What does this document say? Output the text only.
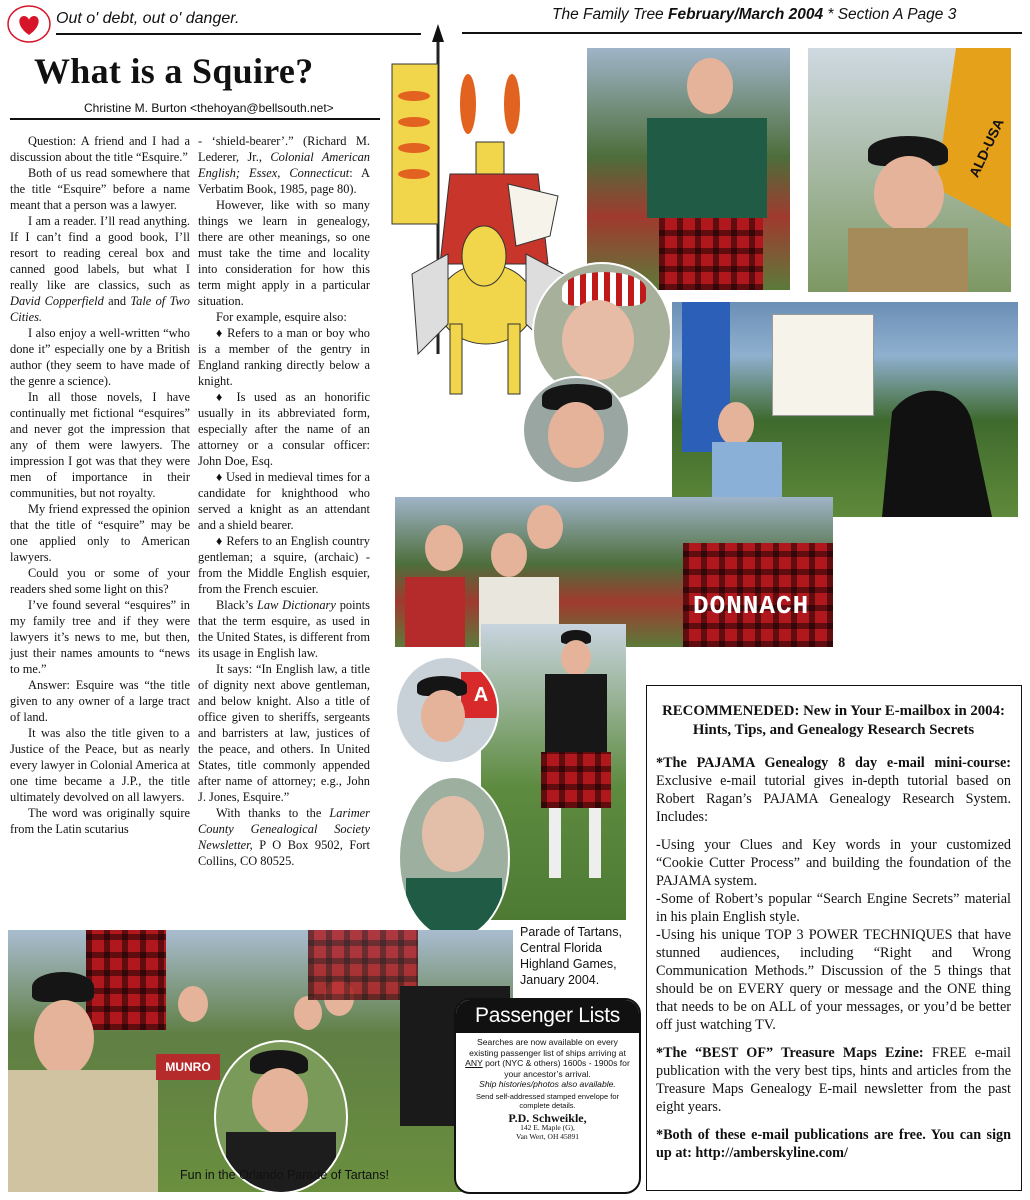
Out o' debt, out o' danger.	The Family Tree February/March 2004 * Section A Page 3
What is a Squire?
Christine M. Burton <thehoyan@bellsouth.net>

Question: A friend and I had a discussion about the title “Esquire.”

Both of us read somewhere that the title “Esquire” before a name meant that a person was a lawyer.

I am a reader. I’ll read anything. If I can’t find a good book, I’ll resort to reading cereal box and canned good labels, but what I really like are classics, such as David Copperfield and Tale of Two Cities.

I also enjoy a well-written “who done it” especially one by a British author (they seem to have made of the genre a science).

In all those novels, I have continually met fictional “esquires” and never got the impression that any of them were lawyers. The impression I got was that they were men of importance in their communities, but not royalty.

My friend expressed the opinion that the title of “esquire” may be one applied only to American lawyers.

Could you or some of your readers shed some light on this?

I’ve found several “esquires” in my family tree and if they were lawyers it’s news to me, but then, just their names amounts to “news to me.”

Answer: Esquire was “the title given to any owner of a large tract of land.

It was also the title given to a Justice of the Peace, but as nearly every lawyer in Colonial America at one time became a J.P., the title ultimately devolved on all lawyers.

The word was originally squire from the Latin scutarius

- ‘shield-bearer’.” (Richard M. Lederer, Jr., Colonial American English; Essex, Connecticut: A Verbatim Book, 1985, page 80).

However, like with so many things we learn in genealogy, there are other meanings, so one must take the time and locality into consideration for how this term might apply in a particular situation.

For example, esquire also:

♦ Refers to a man or boy who is a member of the gentry in England ranking directly below a knight.

♦ Is used as an honorific usually in its abbreviated form, especially after the name of an attorney or a consular officer: John Doe, Esq.

♦ Used in medieval times for a candidate for knighthood who served a knight as an attendant and a shield bearer.

♦ Refers to an English country gentleman; a squire, (archaic) - from the Middle English esquier, from the French escuier.

Black’s Law Dictionary points that the term esquire, as used in the United States, is different from its usage in English law.

It says: “In English law, a title of dignity next above gentleman, and below knight. Also a title of office given to sheriffs, sergeants and barristers at law, justices of the peace, and others. In United States, title commonly appended after name of attorney; e.g., John J. Jones, Esquire.”

With thanks to the Larimer County Genealogical Society Newsletter, P O Box 9502, Fort Collins, CO 80525.

ALD-USA
DONNACH
A
MUNRO
Parade of Tartans, Central Florida Highland Games, January 2004.
Fun in the Orlando Parade of Tartans!
Passenger Lists
Searches are now available on every existing passenger list of ships arriving at ANY port (NYC & others) 1600s - 1900s for your ancestor’s arrival.
Ship histories/photos also available.
Send self-addressed stamped envelope for complete details.
P.D. Schweikle,
142 E. Maple (G),
Van Wert, OH 45891
RECOMMENEDED: New in Your E-mailbox in 2004: Hints, Tips, and Genealogy Research Secrets

*The PAJAMA Genealogy 8 day e-mail mini-course: Exclusive e-mail tutorial gives in-depth tutorial based on Robert Ragan’s PAJAMA Genealogy Research System. Includes:

-Using your Clues and Key words in your customized “Cookie Cutter Process” and building the foundation of the PAJAMA system.

-Some of Robert’s popular “Search Engine Secrets” material in his plain English style.

-Using his unique TOP 3 POWER TECHNIQUES that have stunned audiences, including “Right and Wrong Communication Methods.” Discussion of the 5 things that should be on EVERY query or message and the ONE thing that needs to be on ALL of your messages, or you’d be better off just watching TV.

*The “BEST OF” Treasure Maps Ezine: FREE e-mail publication with the very best tips, hints and articles from the Treasure Maps Genealogy E-mail newsletter from the past eight years.

*Both of these e-mail publications are free. You can sign up at: http://amberskyline.com/
